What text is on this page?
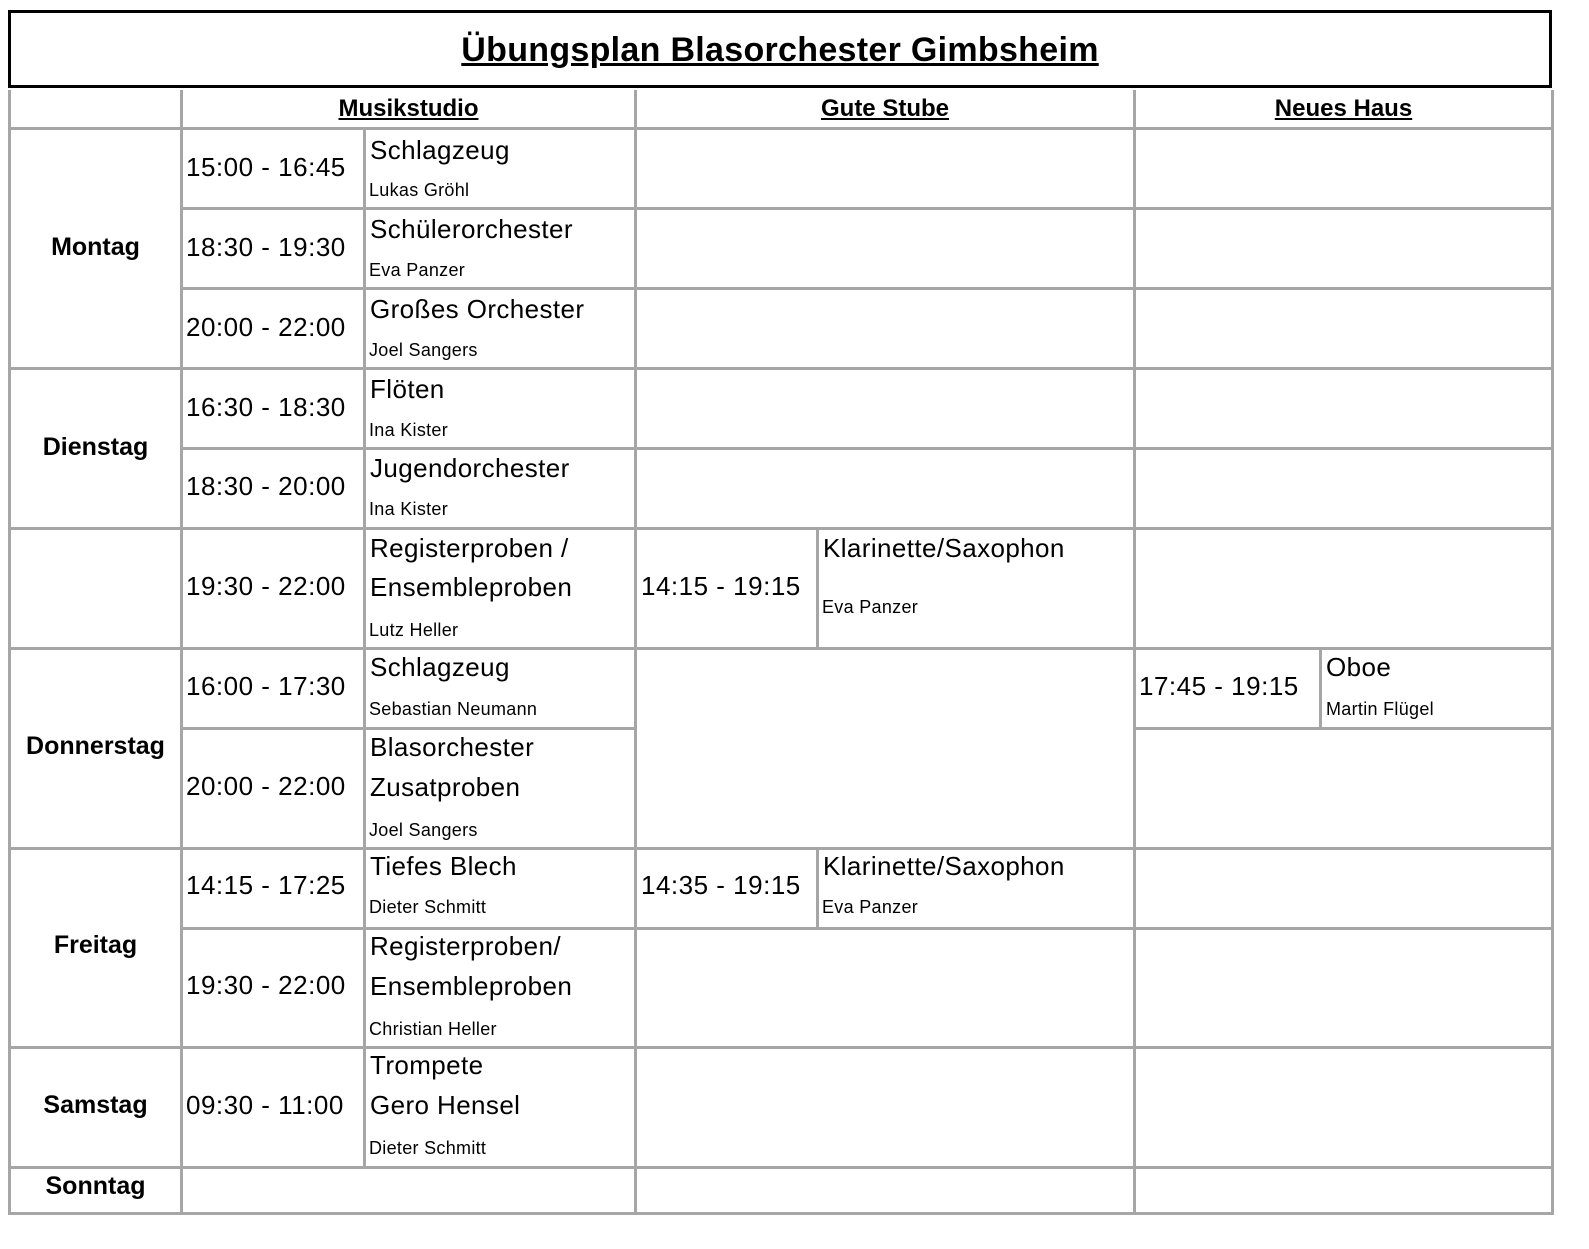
Übungsplan Blasorchester Gimbsheim
Musikstudio	Gute Stube	Neues Haus
Montag
Dienstag
Donnerstag
Freitag
Samstag
Sonntag
15:00 - 16:45
Schlagzeug
Lukas Gröhl
18:30 - 19:30
Schülerorchester
Eva Panzer
20:00 - 22:00
Großes Orchester
Joel Sangers
16:30 - 18:30
Flöten
Ina Kister
18:30 - 20:00
Jugendorchester
Ina Kister
19:30 - 22:00
Registerproben /
Ensembleproben
Lutz Heller
16:00 - 17:30
Schlagzeug
Sebastian Neumann
20:00 - 22:00
Blasorchester
Zusatproben
Joel Sangers
14:15 - 17:25
Tiefes Blech
Dieter Schmitt
19:30 - 22:00
Registerproben/
Ensembleproben
Christian Heller
09:30 - 11:00
Trompete
Gero Hensel
Dieter Schmitt
14:15 - 19:15
Klarinette/Saxophon
Eva Panzer
14:35 - 19:15
Klarinette/Saxophon
Eva Panzer
17:45 - 19:15
Oboe
Martin Flügel
